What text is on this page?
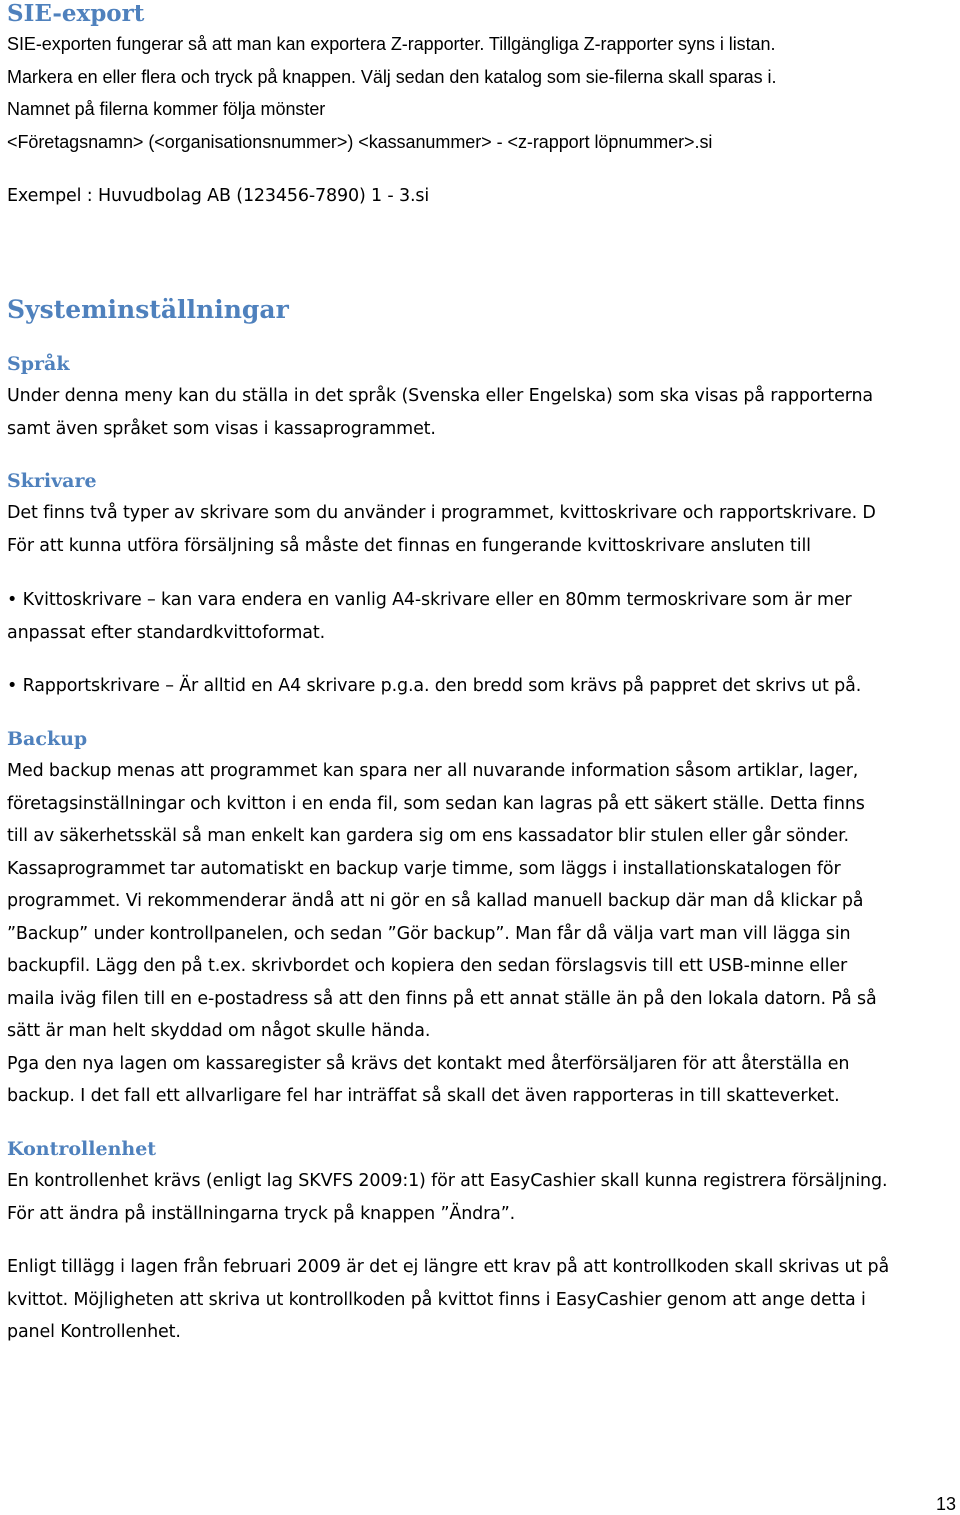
SIE-export
SIE-exporten fungerar så att man kan exportera Z-rapporter. Tillgängliga Z-rapporter syns i listan.
Markera en eller flera och tryck på knappen. Välj sedan den katalog som sie-filerna skall sparas i.
Namnet på filerna kommer följa mönster
<Företagsnamn> (<organisationsnummer>) <kassanummer> - <z-rapport löpnummer>.si
Exempel : Huvudbolag AB (123456-7890) 1 - 3.si
Systeminställningar
Språk
Under denna meny kan du ställa in det språk (Svenska eller Engelska) som ska visas på rapporterna
samt även språket som visas i kassaprogrammet.
Skrivare
Det finns två typer av skrivare som du använder i programmet, kvittoskrivare och rapportskrivare. D
För att kunna utföra försäljning så måste det finnas en fungerande kvittoskrivare ansluten till
• Kvittoskrivare – kan vara endera en vanlig A4-skrivare eller en 80mm termoskrivare som är mer
anpassat efter standardkvittoformat.
• Rapportskrivare – Är alltid en A4 skrivare p.g.a. den bredd som krävs på pappret det skrivs ut på.
Backup
Med backup menas att programmet kan spara ner all nuvarande information såsom artiklar, lager,
företagsinställningar och kvitton i en enda fil, som sedan kan lagras på ett säkert ställe. Detta finns
till av säkerhetsskäl så man enkelt kan gardera sig om ens kassadator blir stulen eller går sönder.
Kassaprogrammet tar automatiskt en backup varje timme, som läggs i installationskatalogen för
programmet. Vi rekommenderar ändå att ni gör en så kallad manuell backup där man då klickar på
”Backup” under kontrollpanelen, och sedan ”Gör backup”. Man får då välja vart man vill lägga sin
backupfil. Lägg den på t.ex. skrivbordet och kopiera den sedan förslagsvis till ett USB-minne eller
maila iväg filen till en e-postadress så att den finns på ett annat ställe än på den lokala datorn. På så
sätt är man helt skyddad om något skulle hända.
Pga den nya lagen om kassaregister så krävs det kontakt med återförsäljaren för att återställa en
backup. I det fall ett allvarligare fel har inträffat så skall det även rapporteras in till skatteverket.
Kontrollenhet
En kontrollenhet krävs (enligt lag SKVFS 2009:1) för att EasyCashier skall kunna registrera försäljning.
För att ändra på inställningarna tryck på knappen ”Ändra”.
Enligt tillägg i lagen från februari 2009 är det ej längre ett krav på att kontrollkoden skall skrivas ut på
kvittot. Möjligheten att skriva ut kontrollkoden på kvittot finns i EasyCashier genom att ange detta i
panel Kontrollenhet.
13
